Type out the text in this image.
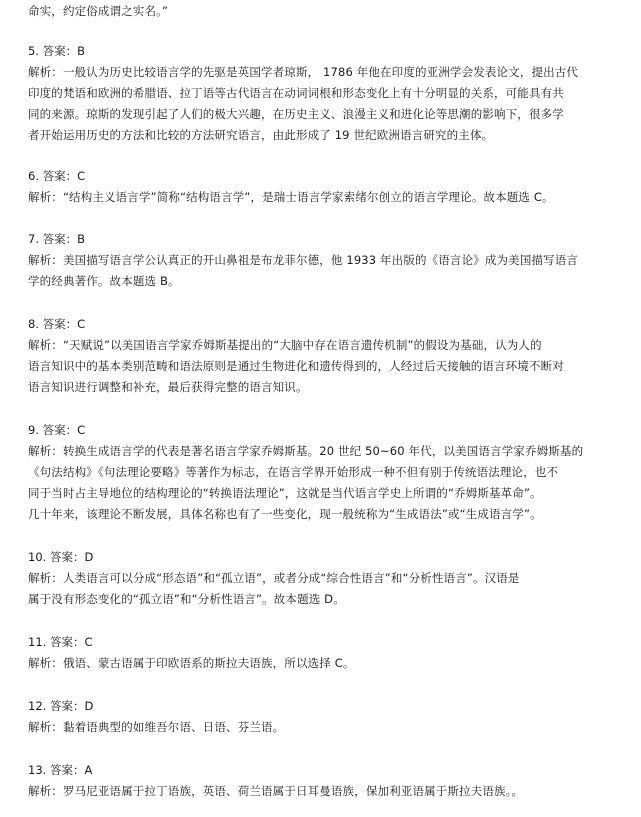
命实，约定俗成谓之实名。”
5. 答案：B
解析：一般认为历史比较语言学的先驱是英国学者琼斯， 1786 年他在印度的亚洲学会发表论文，提出古代
印度的梵语和欧洲的希腊语、拉丁语等古代语言在动词词根和形态变化上有十分明显的关系，可能具有共
同的来源。琼斯的发现引起了人们的极大兴趣，在历史主义、浪漫主义和进化论等思潮的影响下，很多学
者开始运用历史的方法和比较的方法研究语言，由此形成了 19 世纪欧洲语言研究的主体。
6. 答案：C
解析：“结构主义语言学”简称“结构语言学”，是瑞士语言学家索绪尔创立的语言学理论。故本题选 C。
7. 答案：B
解析：美国描写语言学公认真正的开山鼻祖是布龙菲尔德，他 1933 年出版的《语言论》成为美国描写语言
学的经典著作。故本题选 B。
8. 答案：C
解析：“天赋说”以美国语言学家乔姆斯基提出的“大脑中存在语言遗传机制”的假设为基础，认为人的
语言知识中的基本类别范畴和语法原则是通过生物进化和遗传得到的，人经过后天接触的语言环境不断对
语言知识进行调整和补充，最后获得完整的语言知识。
9. 答案：C
解析：转换生成语言学的代表是著名语言学家乔姆斯基。20 世纪 50~60 年代，以美国语言学家乔姆斯基的
《句法结构》《句法理论要略》等著作为标志，在语言学界开始形成一种不但有别于传统语法理论，也不
同于当时占主导地位的结构理论的“转换语法理论”，这就是当代语言学史上所谓的“乔姆斯基革命”。
几十年来，该理论不断发展，具体名称也有了一些变化，现一般统称为“生成语法”或“生成语言学”。
10. 答案：D
解析：人类语言可以分成“形态语”和“孤立语”，或者分成“综合性语言”和“分析性语言”。汉语是
属于没有形态变化的“孤立语”和“分析性语言”。故本题选 D。
11. 答案：C
解析：俄语、蒙古语属于印欧语系的斯拉夫语族，所以选择 C。
12. 答案：D
解析：黏着语典型的如维吾尔语、日语、芬兰语。
13. 答案：A
解析：罗马尼亚语属于拉丁语族，英语、荷兰语属于日耳曼语族，保加利亚语属于斯拉夫语族。。
